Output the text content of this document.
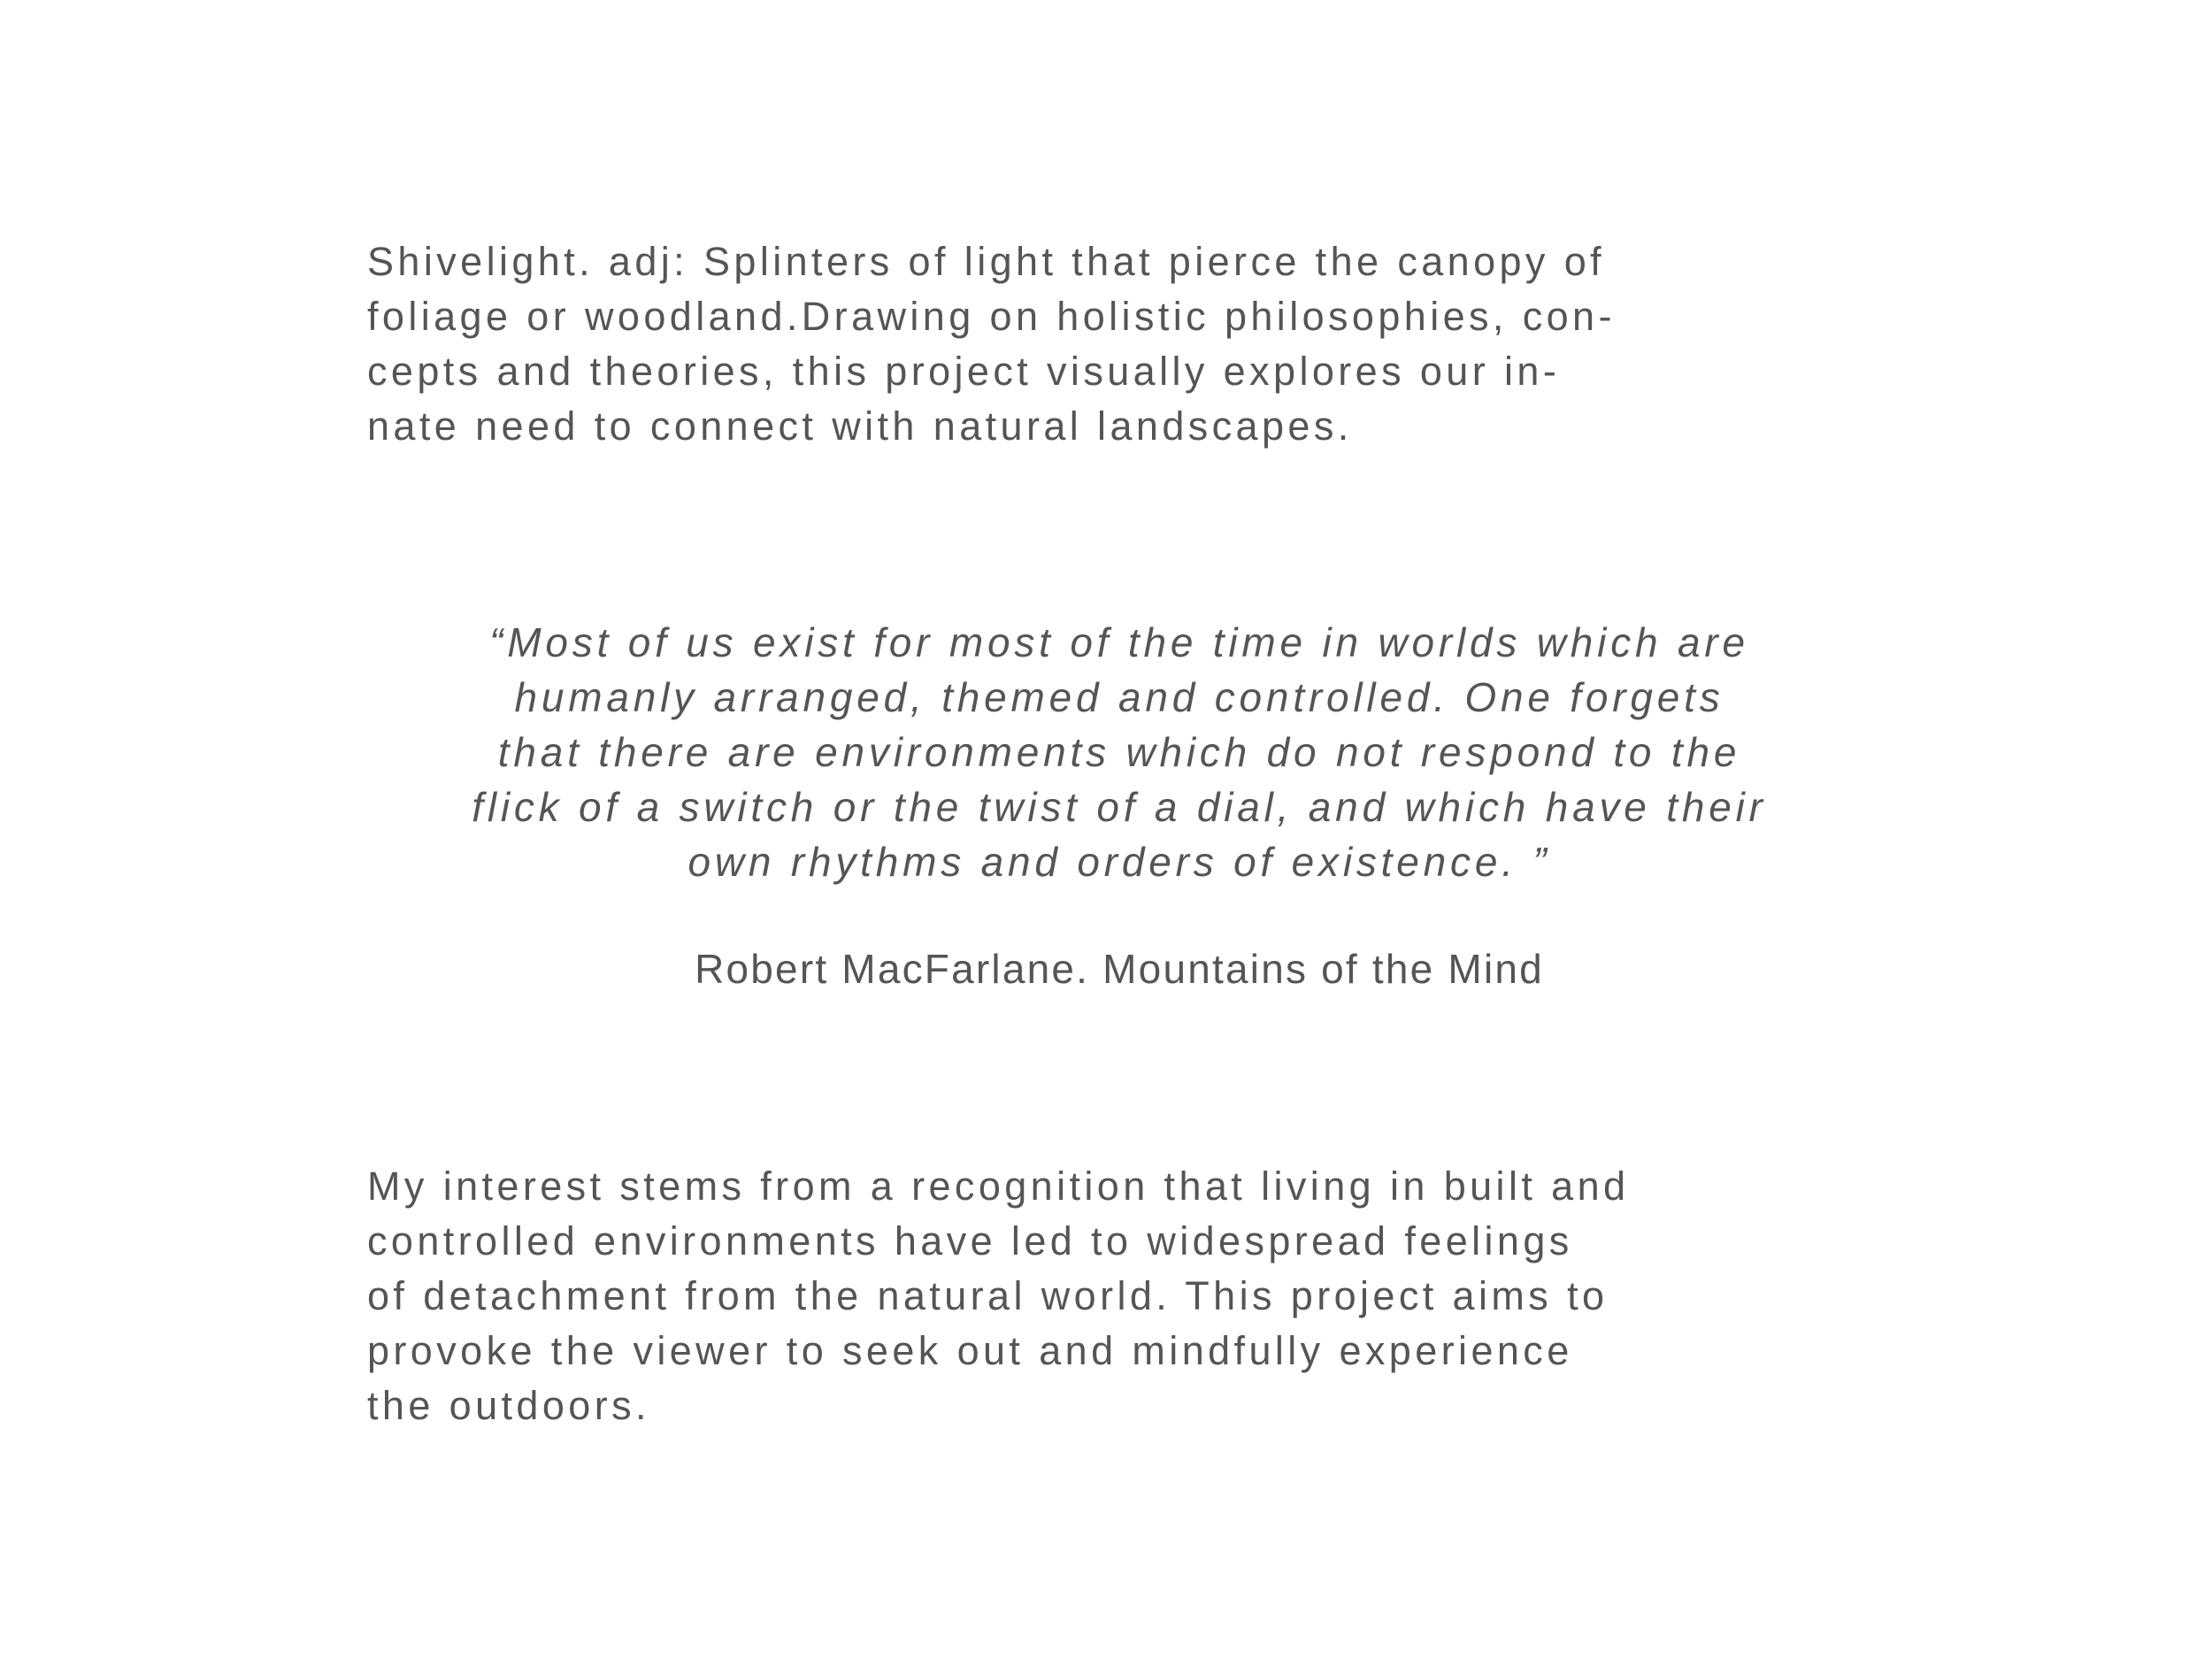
Shivelight. adj: Splinters of light that pierce the canopy of
foliage or woodland.Drawing on holistic philosophies, con-
cepts and theories, this project visually explores our in-
nate need to connect with natural landscapes.

“Most of us exist for most of the time in worlds which are
humanly arranged, themed and controlled. One forgets
that there are environments which do not respond to the
flick of a switch or the twist of a dial, and which have their
own rhythms and orders of existence. ”

Robert MacFarlane. Mountains of the Mind

My interest stems from a recognition that living in built and
controlled environments have led to widespread feelings
of detachment from the natural world. This project aims to
provoke the viewer to seek out and mindfully experience
the outdoors.
